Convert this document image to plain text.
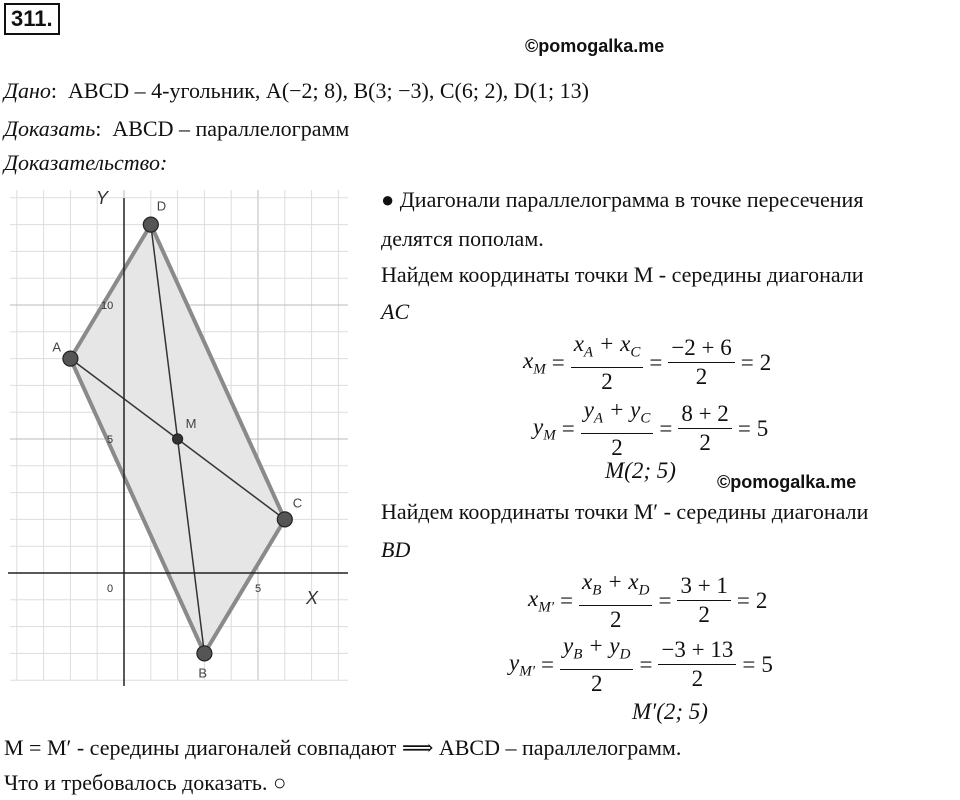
311.
©pomogalka.me
Дано:  ABCD – 4-угольник, A(−2; 8), B(3; −3), C(6; 2), D(1; 13)
Доказать:  ABCD – параллелограмм
Доказательство:
X
Y
0	5
5
10
A
B
C
D
M
● Диагонали параллелограмма в точке пересечения
делятся пополам.
Найдем координаты точки M - середины диагонали
AC
$x_M = \frac{x_A + x_C}{2} = \frac{-2 + 6}{2} = 2$
$y_M = \frac{y_A + y_C}{2} = \frac{8 + 2}{2} = 5$
M(2; 5) ©pomogalka.me
Найдем координаты точки M′ - середины диагонали
BD
$x_{M'} = \frac{x_B + x_D}{2} = \frac{3 + 1}{2} = 2$
$y_{M'} = \frac{y_B + y_D}{2} = \frac{-3 + 13}{2} = 5$
M′(2; 5)
M = M′ - середины диагоналей совпадают ⟹ ABCD – параллелограмм.
Что и требовалось доказать. ○
